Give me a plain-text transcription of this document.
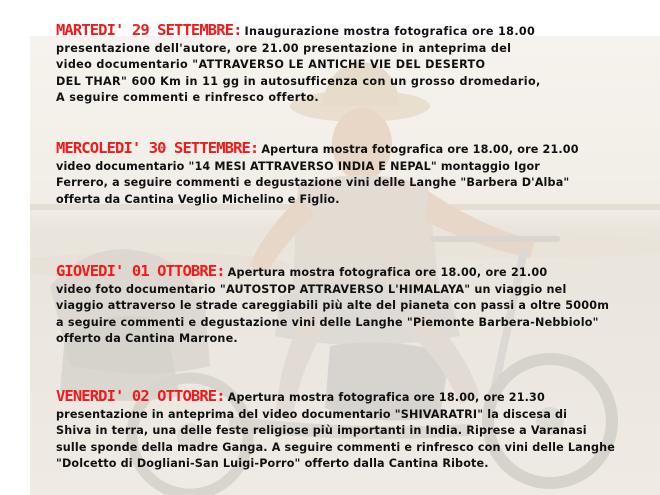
MARTEDI' 29 SETTEMBRE: Inaugurazione mostra fotografica ore 18.00
presentazione dell'autore, ore 21.00 presentazione in anteprima del
video documentario "ATTRAVERSO LE ANTICHE VIE DEL DESERTO
DEL THAR" 600 Km in 11 gg in autosufficenza con un grosso dromedario,
A seguire commenti e rinfresco offerto.
MERCOLEDI' 30 SETTEMBRE: Apertura mostra fotografica ore 18.00, ore 21.00
video documentario "14 MESI ATTRAVERSO INDIA E NEPAL" montaggio Igor
Ferrero, a seguire commenti e degustazione vini delle Langhe "Barbera D'Alba"
offerta da Cantina Veglio Michelino e Figlio.
GIOVEDI' 01 OTTOBRE: Apertura mostra fotografica ore 18.00, ore 21.00
video foto documentario "AUTOSTOP ATTRAVERSO L'HIMALAYA" un viaggio nel
viaggio attraverso le strade careggiabili più alte del pianeta con passi a oltre 5000m
a seguire commenti e degustazione vini delle Langhe "Piemonte Barbera-Nebbiolo"
offerto da Cantina Marrone.
VENERDI' 02 OTTOBRE: Apertura mostra fotografica ore 18.00, ore 21.30
presentazione in anteprima del video documentario "SHIVARATRI" la discesa di
Shiva in terra, una delle feste religiose più importanti in India. Riprese a Varanasi
sulle sponde della madre Ganga. A seguire commenti e rinfresco con vini delle Langhe
"Dolcetto di Dogliani-San Luigi-Porro" offerto dalla Cantina Ribote.
